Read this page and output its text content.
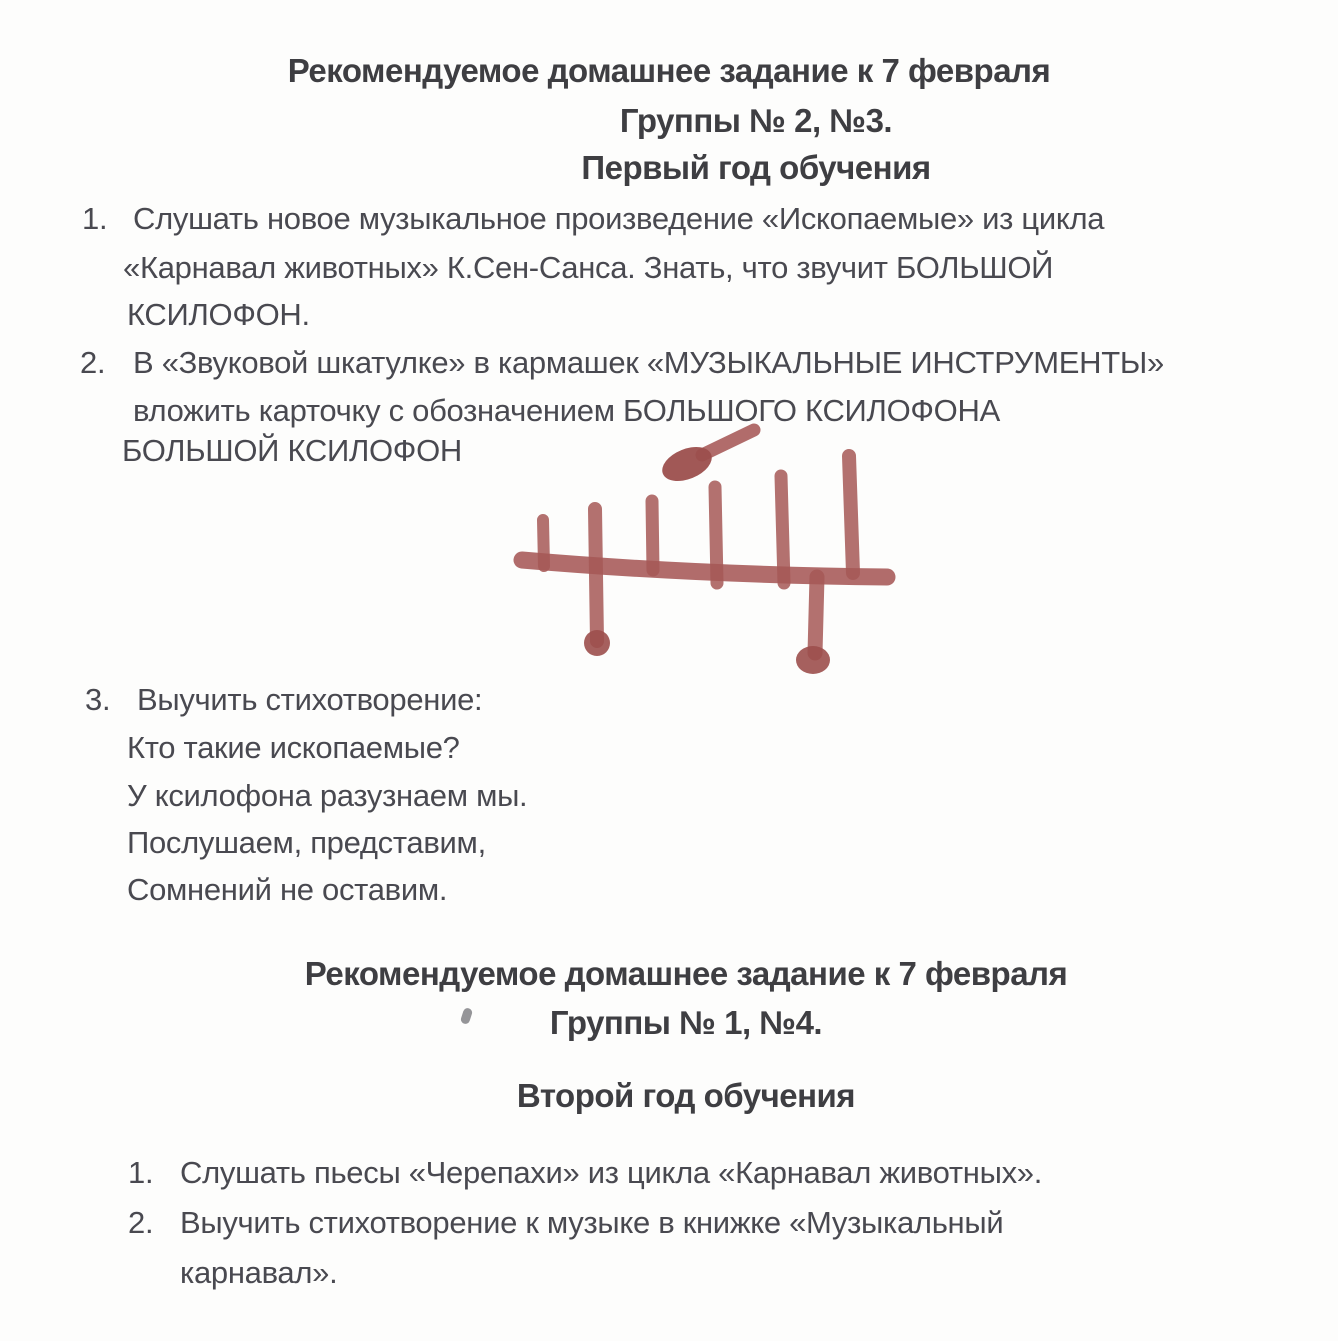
Рекомендуемое домашнее задание к 7 февраля
Группы № 2, №3.
Первый год обучения
1. Слушать новое музыкальное произведение «Ископаемые» из цикла
«Карнавал животных» К.Сен-Санса. Знать, что звучит БОЛЬШОЙ
КСИЛОФОН.
2. В «Звуковой шкатулке» в кармашек «МУЗЫКАЛЬНЫЕ ИНСТРУМЕНТЫ»
вложить карточку с обозначением БОЛЬШОГО КСИЛОФОНА
БОЛЬШОЙ КСИЛОФОН
3. Выучить стихотворение:
Кто такие ископаемые?
У ксилофона разузнаем мы.
Послушаем, представим,
Сомнений не оставим.
Рекомендуемое домашнее задание к 7 февраля
Группы № 1, №4.
Второй год обучения
1. Слушать пьесы «Черепахи» из цикла «Карнавал животных».
2. Выучить стихотворение к музыке в книжке «Музыкальный
карнавал».
